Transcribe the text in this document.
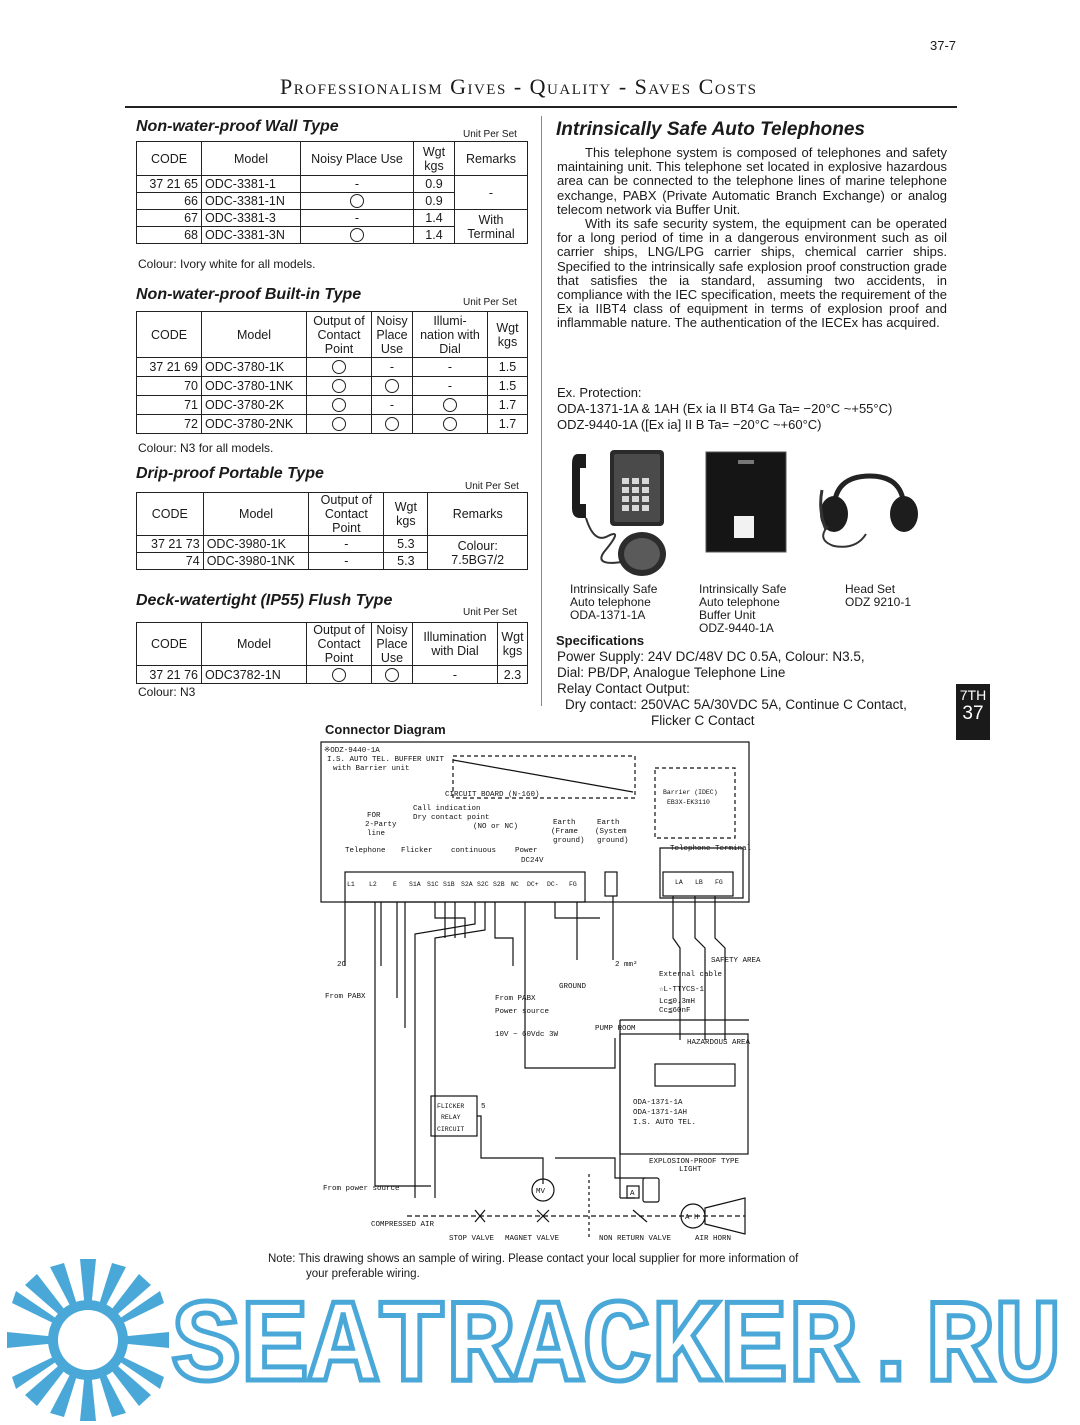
37-7
Professionalism Gives - Quality - Saves Costs
Non-water-proof Wall Type	Unit Per Set
CODE	Model	Noisy Place Use	Wgt kgs	Remarks
37 21 65	ODC-3381-1	-	0.9	-
66	ODC-3381-1N		0.9	
67	ODC-3381-3	-	1.4	With Terminal
68	ODC-3381-3N		1.4	
Colour: Ivory white for all models.
Non-water-proof Built-in Type	Unit Per Set
CODE	Model	Output of Contact Point	Noisy Place Use	Illumi- nation with Dial	Wgt kgs
37 21 69	ODC-3780-1K		-	-	1.5
70	ODC-3780-1NK			-	1.5
71	ODC-3780-2K		-		1.7
72	ODC-3780-2NK				1.7
Colour: N3 for all models.
Drip-proof Portable Type
Unit Per Set
CODE	Model	Output of Contact Point	Wgt kgs	Remarks
37 21 73	ODC-3980-1K	-	5.3	Colour: 7.5BG7/2
74	ODC-3980-1NK	-	5.3	
Deck-watertight (IP55) Flush Type
Unit Per Set
CODE	Model	Output of Contact Point	Noisy Place Use	Illumination with Dial	Wgt kgs
37 21 76	ODC3782-1N			-	2.3
Colour: N3
Intrinsically Safe Auto Telephones

This telephone system is composed of telephones and safety maintaining unit. This telephone set located in explosive hazardous area can be connected to the telephone lines of marine telephone exchange, PABX (Private Automatic Branch Exchange) or analog telecom network via Buffer Unit.

With its safe security system, the equipment can be operated for a long period of time in a dangerous environment such as oil carrier ships, LNG/LPG carrier ships, chemical carrier ships. Specified to the intrinsically safe explosion proof construction grade that satisfies the ia standard, assuming two accidents, in compliance with the IEC specification, meets the requirement of the Ex ia IIBT4 class of equipment in terms of explosion proof and inflammable nature. The authentication of the IECEx has acquired.

Ex. Protection:
ODA-1371-1A & 1AH (Ex ia II BT4 Ga Ta= −20°C ~+55°C)
ODZ-9440-1A ([Ex ia] II B Ta= −20°C ~+60°C)
Intrinsically Safe
Auto telephone
ODA-1371-1A
Intrinsically Safe
Auto telephone
Buffer Unit
ODZ-9440-1A
Head Set
ODZ 9210-1
Specifications
Power Supply: 24V DC/48V DC 0.5A, Colour: N3.5,
Dial: PB/DP, Analogue Telephone Line
Relay Contact Output:
Dry contact: 250VAC 5A/30VDC 5A, Continue C Contact,
Flicker C Contact
7TH
37
Connector Diagram
※ODZ-9440-1A
I.S. AUTO TEL. BUFFER UNIT
with Barrier unit
CIRCUIT BOARD (N-160)	Barrier (IDEC)
EB3X-EK3110
Call indication
Dry contact point
(NO or NC)
FOR
2-Party
line
Earth
(Frame
ground)
Earth
(System
ground)
Telephone Flicker continuous	Power
DC24V
Telephone Terminal
L1 L2 E S1A S1C S1B S2A S2C S2B NC DC+ DC- FG	LA LB FG
2C
From PABX	From PABX
Power source
10V ~ 60Vdc 3W
GROUND
2 mm²	SAFETY AREA
External cable
☆L-TTYCS-1
Lc≦0.3mH
Cc≦60nF
PUMP ROOM
HAZARDOUS AREA
ODA-1371-1A
ODA-1371-1AH
I.S. AUTO TEL.
FLICKER
RELAY
CIRCUIT
5
From power source
EXPLOSION-PROOF TYPE
LIGHT
MV
A H
A
COMPRESSED AIR
STOP VALVE MAGNET VALVE	NON RETURN VALVE	AIR HORN
Note: This drawing shows an sample of wiring. Please contact your local supplier for more information of
your preferable wiring.
SEATRACKER.RU
